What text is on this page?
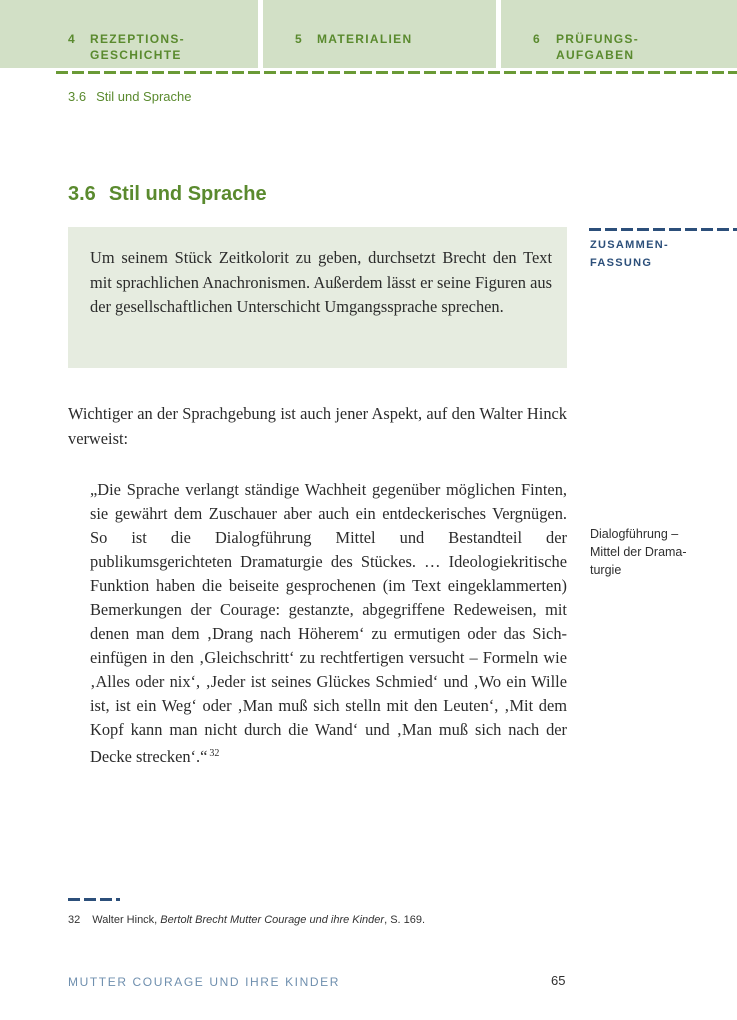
4 REZEPTIONS-
GESCHICHTE
5 MATERIALIEN	6 PRÜFUNGS-
AUFGABEN
3.6 Stil und Sprache
3.6 Stil und Sprache

Um seinem Stück Zeitkolorit zu geben, durchsetzt Brecht den Text mit sprachlichen Anachronismen. Außerdem lässt er seine Figuren aus der gesellschaftlichen Unterschicht Umgangssprache sprechen.

ZUSAMMEN-
FASSUNG

Wichtiger an der Sprachgebung ist auch jener Aspekt, auf den Walter Hinck verweist:

„Die Sprache verlangt ständige Wachheit gegenüber möglichen Finten, sie gewährt dem Zuschauer aber auch ein entdeckerisches Vergnügen. So ist die Dialogführung Mittel und Bestandteil der publikumsgerichteten Dramaturgie des Stückes. … Ideologiekritische Funktion haben die beiseite gesprochenen (im Text eingeklammerten) Bemerkungen der Courage: gestanzte, abgegriffene Redeweisen, mit denen man dem ‚Drang nach Höherem‘ zu ermutigen oder das Sich-einfügen in den ‚Gleichschritt‘ zu rechtfertigen versucht – Formeln wie ‚Alles oder nix‘, ‚Jeder ist seines Glückes Schmied‘ und ‚Wo ein Wille ist, ist ein Weg‘ oder ‚Man muß sich stelln mit den Leuten‘, ‚Mit dem Kopf kann man nicht durch die Wand‘ und ‚Man muß sich nach der Decke strecken‘.“ $^{32}$

Dialogführung –
Mittel der Drama-
turgie
32 Walter Hinck, Bertolt Brecht Mutter Courage und ihre Kinder, S. 169.
MUTTER COURAGE UND IHRE KINDER	65
